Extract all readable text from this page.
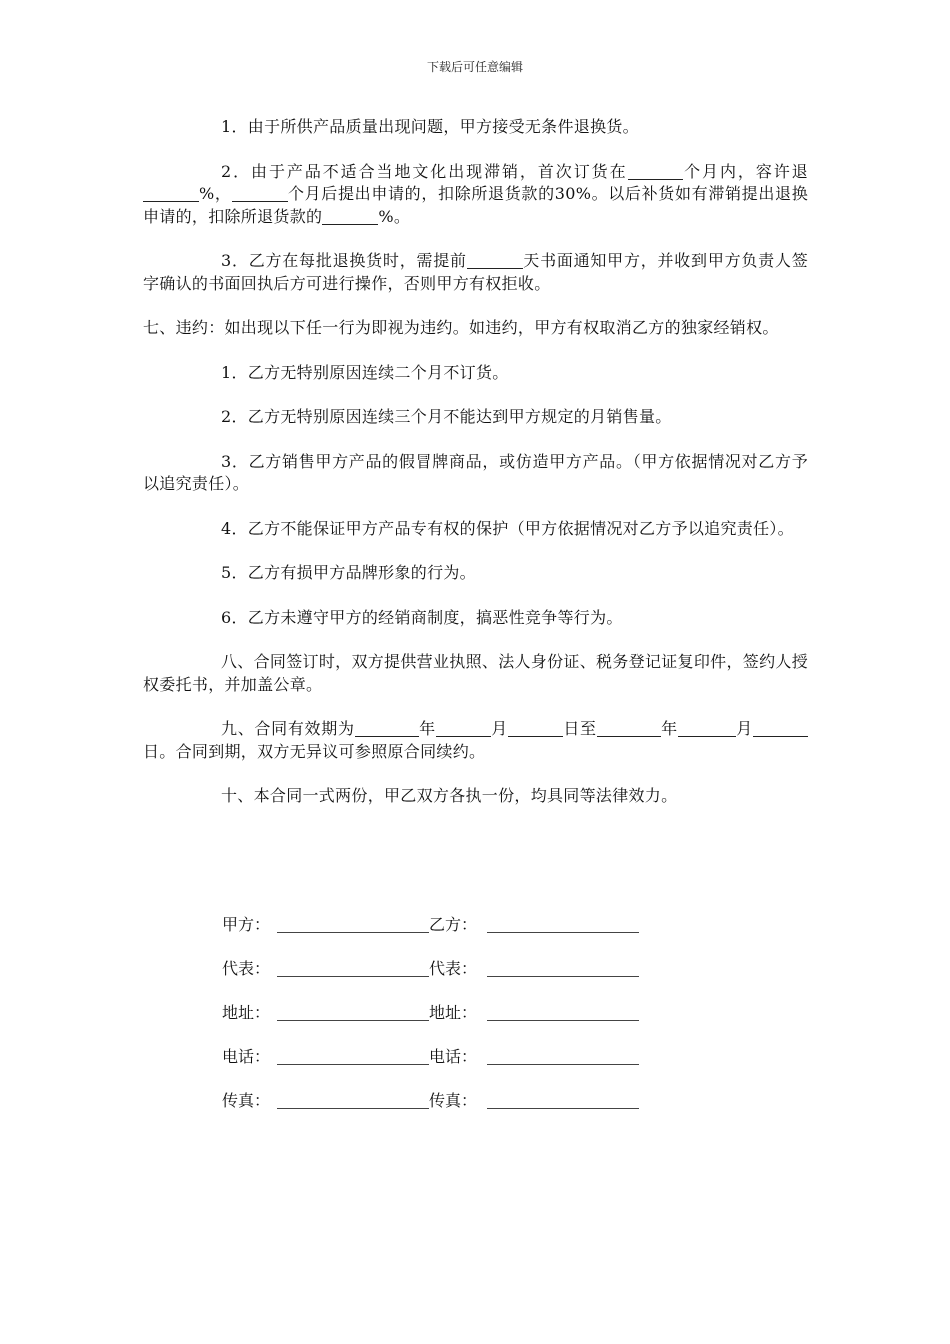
下载后可任意编辑

1．由于所供产品质量出现问题，甲方接受无条件退换货。

2．由于产品不适合当地文化出现滞销，首次订货在	个月内，容许退%，	个月后提出申请的，扣除所退货款的30%。以后补货如有滞销提出退换申请的，扣除所退货款的	%。

3．乙方在每批退换货时，需提前	天书面通知甲方，并收到甲方负责人签字确认的书面回执后方可进行操作，否则甲方有权拒收。

七、违约：如出现以下任一行为即视为违约。如违约，甲方有权取消乙方的独家经销权。

1．乙方无特别原因连续二个月不订货。

2．乙方无特别原因连续三个月不能达到甲方规定的月销售量。

3．乙方销售甲方产品的假冒牌商品，或仿造甲方产品。（甲方依据情况对乙方予以追究责任）。

4．乙方不能保证甲方产品专有权的保护（甲方依据情况对乙方予以追究责任）。

5．乙方有损甲方品牌形象的行为。

6．乙方未遵守甲方的经销商制度，搞恶性竞争等行为。

八、合同签订时，双方提供营业执照、法人身份证、税务登记证复印件，签约人授权委托书，并加盖公章。

九、合同有效期为	年	月	日至	年	月日。合同到期，双方无异议可参照原合同续约。

十、本合同一式两份，甲乙双方各执一份，均具同等法律效力。

甲方：	乙方：
代表：	代表：
地址：	地址：
电话：	电话：
传真：	传真：
